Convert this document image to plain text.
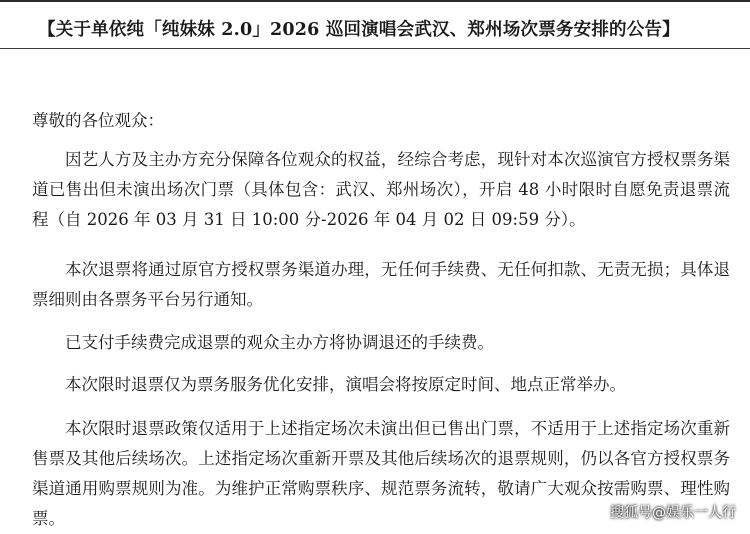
【关于单依纯「纯妹妹 2.0」2026 巡回演唱会武汉、郑州场次票务安排的公告】
尊敬的各位观众：

因艺人方及主办方充分保障各位观众的权益，经综合考虑，现针对本次巡演官方授权票务渠道已售出但未演出场次门票（具体包含：武汉、郑州场次），开启 48 小时限时自愿免责退票流程（自 2026 年 03 月 31 日 10:00 分-2026 年 04 月 02 日 09:59 分）。

本次退票将通过原官方授权票务渠道办理，无任何手续费、无任何扣款、无责无损；具体退票细则由各票务平台另行通知。

已支付手续费完成退票的观众主办方将协调退还的手续费。

本次限时退票仅为票务服务优化安排，演唱会将按原定时间、地点正常举办。

本次限时退票政策仅适用于上述指定场次未演出但已售出门票，不适用于上述指定场次重新售票及其他后续场次。上述指定场次重新开票及其他后续场次的退票规则，仍以各官方授权票务渠道通用购票规则为准。为维护正常购票秩序、规范票务流转，敬请广大观众按需购票、理性购票。	搜狐号@娱乐一人行
